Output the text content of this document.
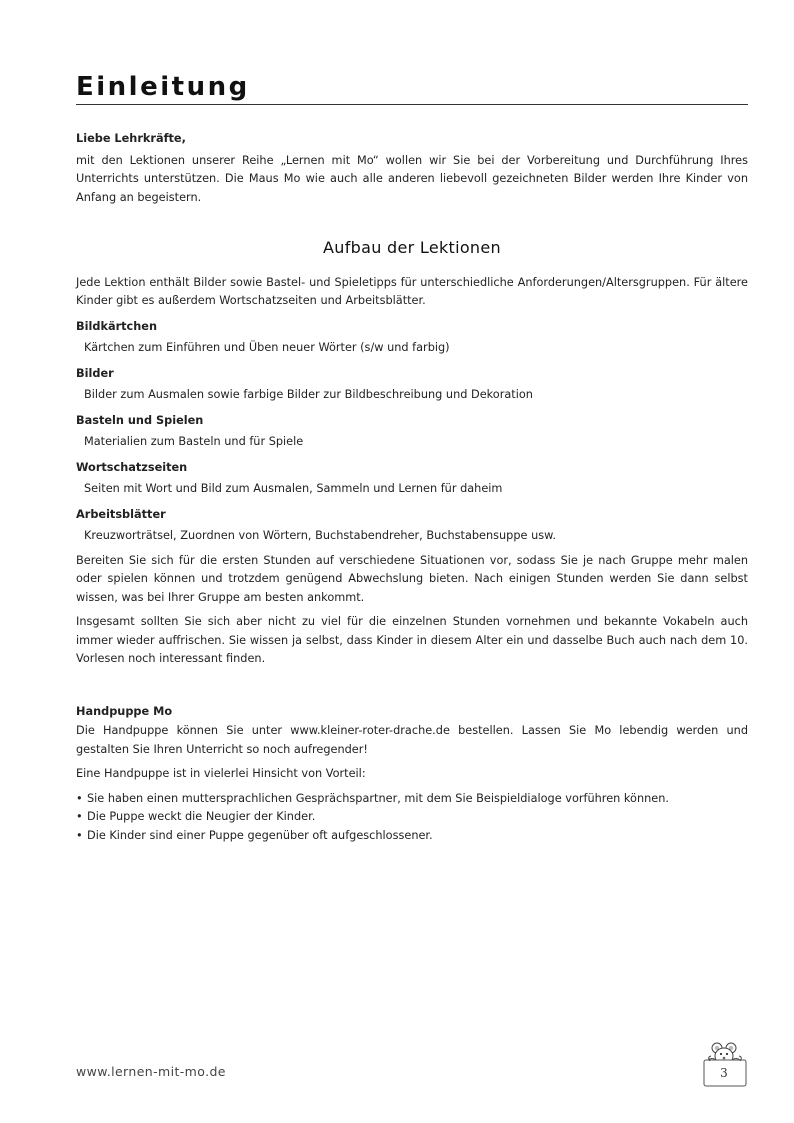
Einleitung
Liebe Lehrkräfte,

mit den Lektionen unserer Reihe „Lernen mit Mo“ wollen wir Sie bei der Vorbereitung und Durchführung Ihres Unterrichts unterstützen. Die Maus Mo wie auch alle anderen liebevoll gezeichneten Bilder werden Ihre Kinder von Anfang an begeistern.

Aufbau der Lektionen

Jede Lektion enthält Bilder sowie Bastel- und Spieletipps für unterschiedliche Anforderungen/Altersgruppen. Für ältere Kinder gibt es außerdem Wortschatzseiten und Arbeitsblätter.

Bildkärtchen
Kärtchen zum Einführen und Üben neuer Wörter (s/w und farbig)
Bilder
Bilder zum Ausmalen sowie farbige Bilder zur Bildbeschreibung und Dekoration
Basteln und Spielen
Materialien zum Basteln und für Spiele
Wortschatzseiten
Seiten mit Wort und Bild zum Ausmalen, Sammeln und Lernen für daheim
Arbeitsblätter
Kreuzworträtsel, Zuordnen von Wörtern, Buchstabendreher, Buchstabensuppe usw.

Bereiten Sie sich für die ersten Stunden auf verschiedene Situationen vor, sodass Sie je nach Gruppe mehr malen oder spielen können und trotzdem genügend Abwechslung bieten. Nach einigen Stunden werden Sie dann selbst wissen, was bei Ihrer Gruppe am besten ankommt.

Insgesamt sollten Sie sich aber nicht zu viel für die einzelnen Stunden vornehmen und bekannte Vokabeln auch immer wieder auffrischen. Sie wissen ja selbst, dass Kinder in diesem Alter ein und dasselbe Buch auch nach dem 10. Vorlesen noch interessant finden.

Handpuppe Mo

Die Handpuppe können Sie unter www.kleiner-roter-drache.de bestellen. Lassen Sie Mo lebendig werden und gestalten Sie Ihren Unterricht so noch aufregender!

Eine Handpuppe ist in vielerlei Hinsicht von Vorteil:

• Sie haben einen muttersprachlichen Gesprächspartner, mit dem Sie Beispieldialoge vorführen können.
• Die Puppe weckt die Neugier der Kinder.
• Die Kinder sind einer Puppe gegenüber oft aufgeschlossener.
www.lernen-mit-mo.de	3
